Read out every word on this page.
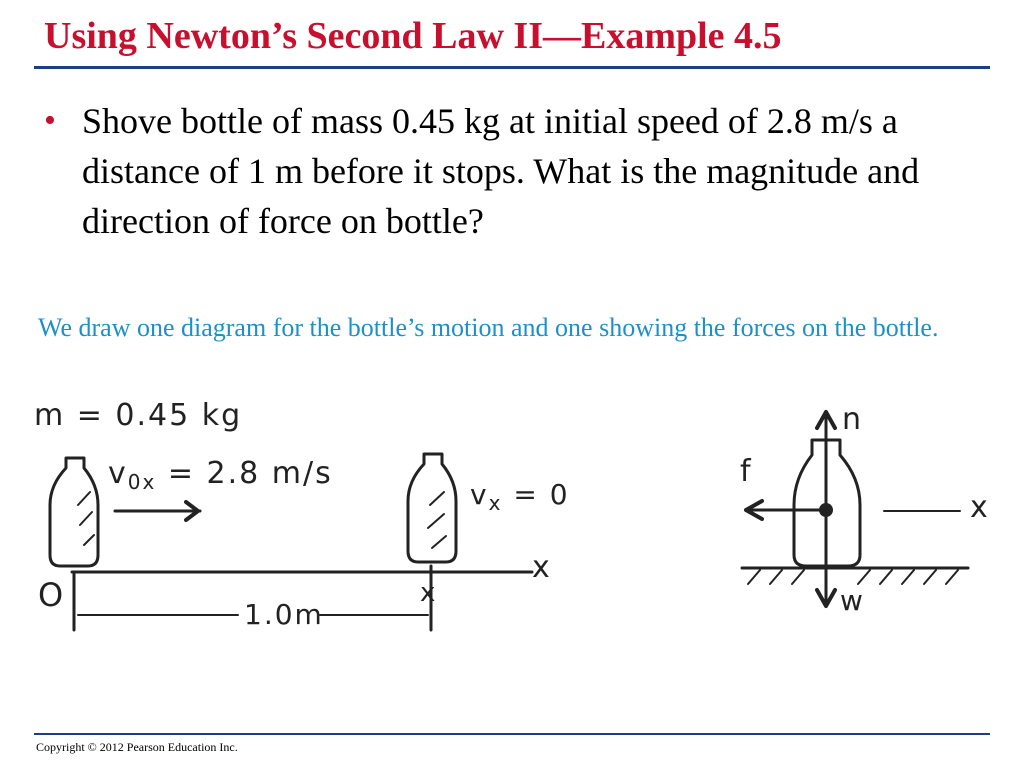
Using Newton’s Second Law II—Example 4.5
• Shove bottle of mass 0.45 kg at initial speed of 2.8 m/s a distance of 1 m before it stops. What is the magnitude and direction of force on bottle?
We draw one diagram for the bottle’s motion and one showing the forces on the bottle.
m = 0.45 kg
$v_{0x} = 2.8$ m/s
$v_x = 0$
x
O	x
1.0m
n
f
w
x
Copyright © 2012 Pearson Education Inc.
